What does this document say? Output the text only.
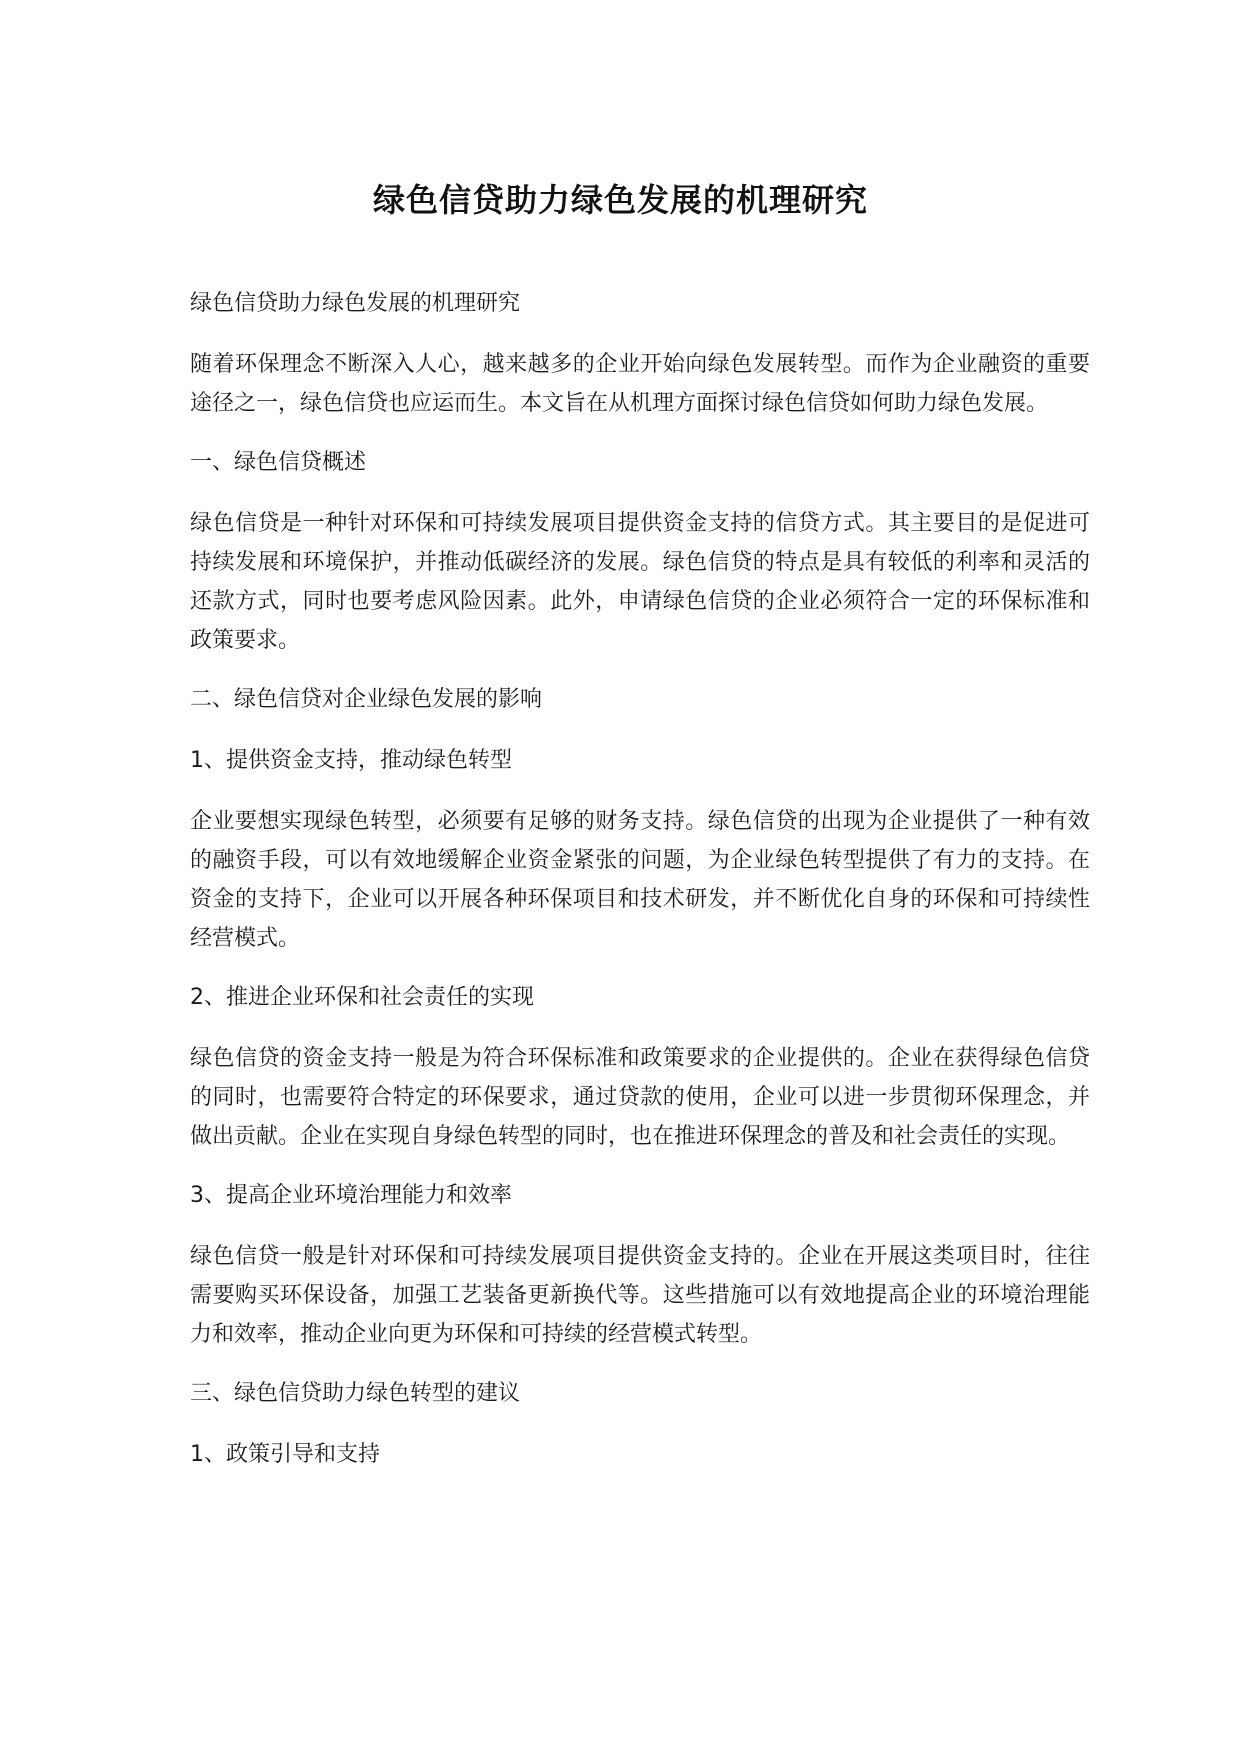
绿色信贷助力绿色发展的机理研究

绿色信贷助力绿色发展的机理研究

随着环保理念不断深入人心，越来越多的企业开始向绿色发展转型。而作为企业融资的重要途径之一，绿色信贷也应运而生。本文旨在从机理方面探讨绿色信贷如何助力绿色发展。

一、绿色信贷概述

绿色信贷是一种针对环保和可持续发展项目提供资金支持的信贷方式。其主要目的是促进可持续发展和环境保护，并推动低碳经济的发展。绿色信贷的特点是具有较低的利率和灵活的还款方式，同时也要考虑风险因素。此外，申请绿色信贷的企业必须符合一定的环保标准和政策要求。

二、绿色信贷对企业绿色发展的影响

1、提供资金支持，推动绿色转型

企业要想实现绿色转型，必须要有足够的财务支持。绿色信贷的出现为企业提供了一种有效的融资手段，可以有效地缓解企业资金紧张的问题，为企业绿色转型提供了有力的支持。在资金的支持下，企业可以开展各种环保项目和技术研发，并不断优化自身的环保和可持续性经营模式。

2、推进企业环保和社会责任的实现

绿色信贷的资金支持一般是为符合环保标准和政策要求的企业提供的。企业在获得绿色信贷的同时，也需要符合特定的环保要求，通过贷款的使用，企业可以进一步贯彻环保理念，并做出贡献。企业在实现自身绿色转型的同时，也在推进环保理念的普及和社会责任的实现。

3、提高企业环境治理能力和效率

绿色信贷一般是针对环保和可持续发展项目提供资金支持的。企业在开展这类项目时，往往需要购买环保设备，加强工艺装备更新换代等。这些措施可以有效地提高企业的环境治理能力和效率，推动企业向更为环保和可持续的经营模式转型。

三、绿色信贷助力绿色转型的建议

1、政策引导和支持
